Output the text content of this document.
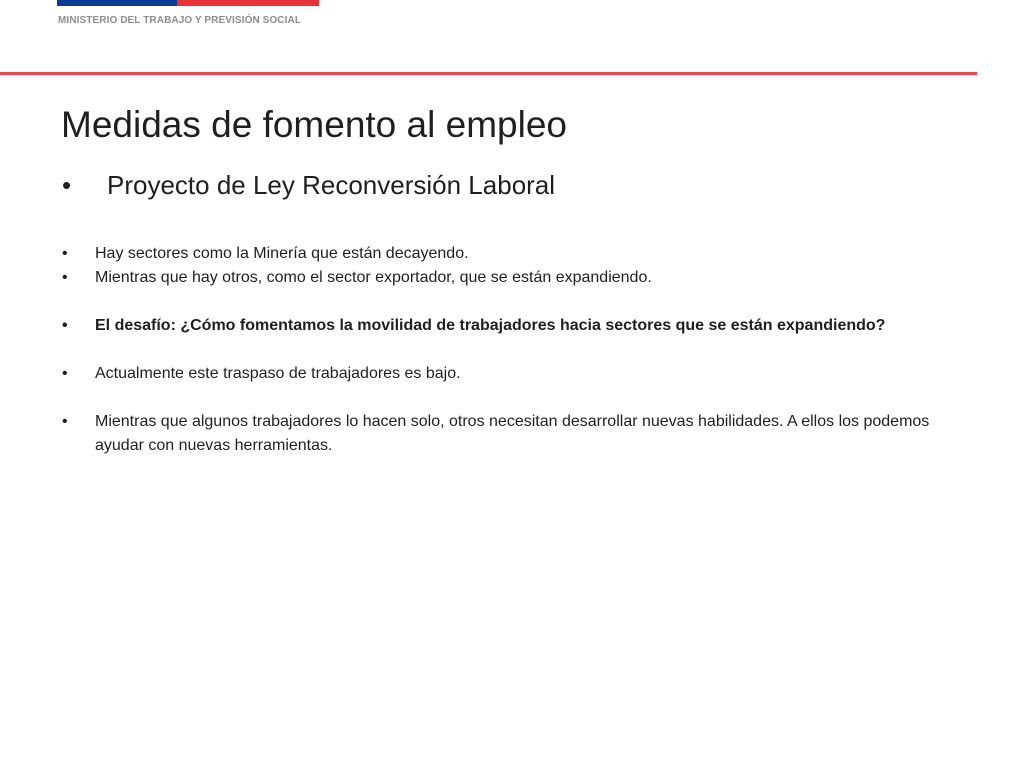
MINISTERIO DEL TRABAJO Y PREVISIÓN SOCIAL
Medidas de fomento al empleo
• Proyecto de Ley Reconversión Laboral
• Hay sectores como la Minería que están decayendo.
• Mientras que hay otros, como el sector exportador, que se están expandiendo.
• El desafío: ¿Cómo fomentamos la movilidad de trabajadores hacia sectores que se están expandiendo?
• Actualmente este traspaso de trabajadores es bajo.
• Mientras que algunos trabajadores lo hacen solo, otros necesitan desarrollar nuevas habilidades. A ellos los podemos ayudar con nuevas herramientas.
